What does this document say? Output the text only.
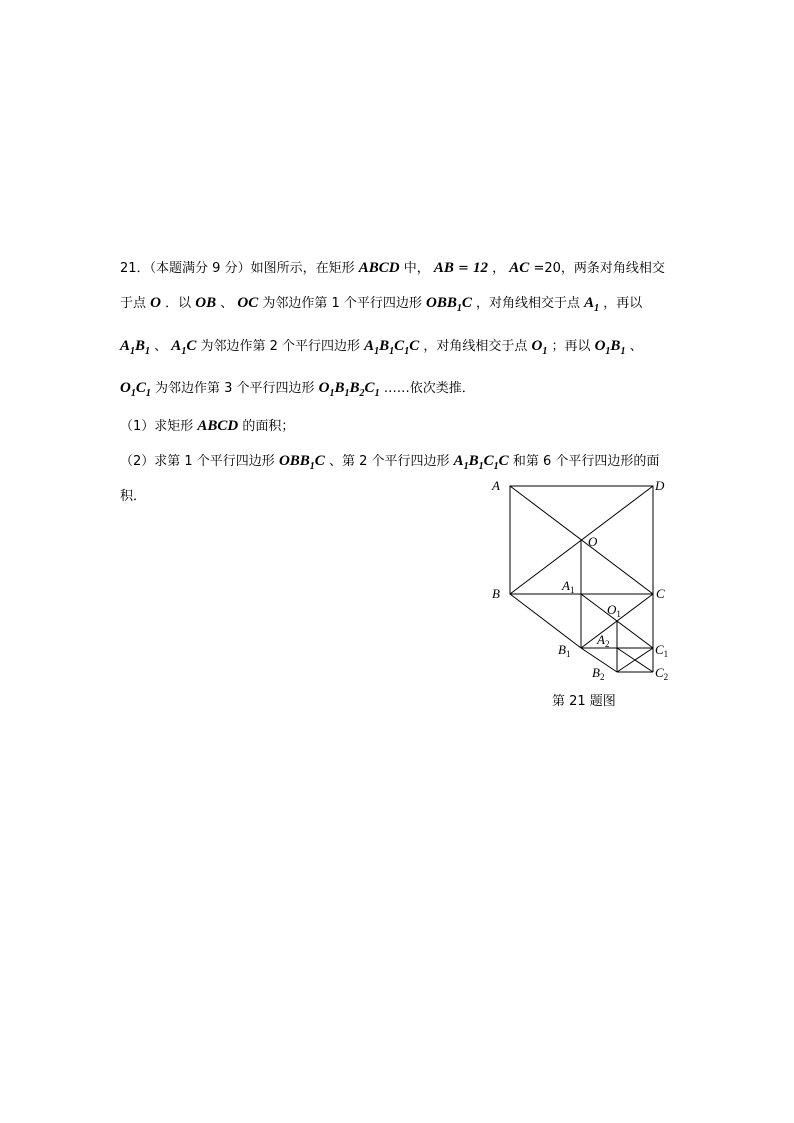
21．（本题满分 9 分）如图所示，在矩形 ABCD 中， AB = 12 ， AC =20，两条对角线相交
于点 O ．以 OB 、 OC 为邻边作第 1 个平行四边形 $OBB_1C$ ，对角线相交于点 $A_1$ ，再以
$A_1B_1$ 、 $A_1C$ 为邻边作第 2 个平行四边形 $A_1B_1C_1C$ ，对角线相交于点 $O_1$ ；再以 $O_1B_1$ 、
$O_1C_1$ 为邻边作第 3 个平行四边形 $O_1B_1B_2C_1$ ……依次类推．
（1）求矩形 ABCD 的面积；
（2）求第 1 个平行四边形 $OBB_1C$ 、第 2 个平行四边形 $A_1B_1C_1C$ 和第 6 个平行四边形的面
积．
A	D
O
B	C
$A_1$
$O_1$
$A_2$
$B_1$	$C_1$
$B_2$	$C_2$
第 21 题图
